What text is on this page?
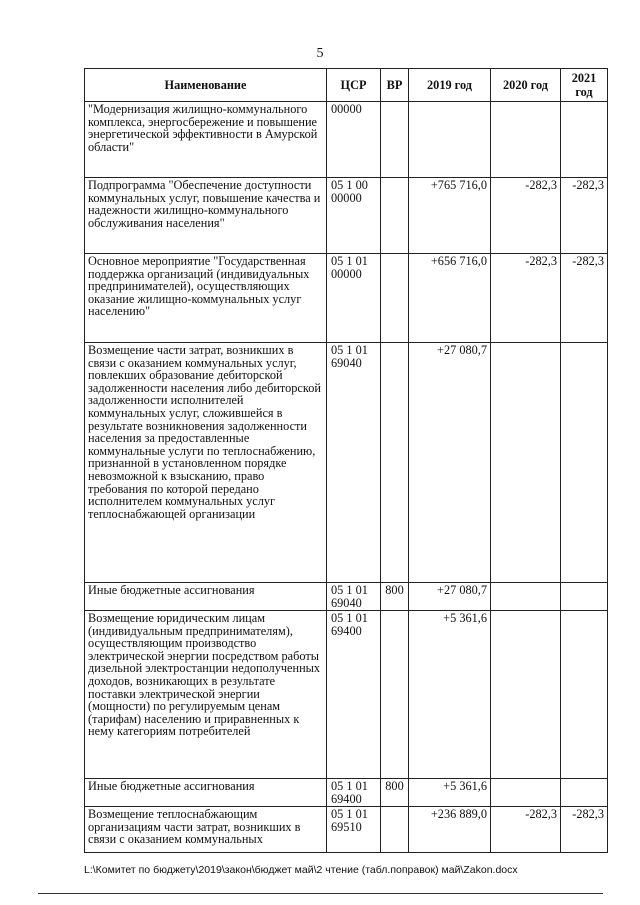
5
Наименование	ЦСР	ВР	2019 год	2020 год	2021 год
"Модернизация жилищно-коммунального комплекса, энергосбережение и повышение энергетической эффективности в Амурской области"	00000				
Подпрограмма "Обеспечение доступности коммунальных услуг, повышение качества и надежности жилищно-коммунального обслуживания населения"	05 1 00 00000		+765 716,0	-282,3	-282,3
Основное мероприятие "Государственная поддержка организаций (индивидуальных предпринимателей), осуществляющих оказание жилищно-коммунальных услуг населению"	05 1 01 00000		+656 716,0	-282,3	-282,3
Возмещение части затрат, возникших в связи с оказанием коммунальных услуг, повлекших образование дебиторской задолженности населения либо дебиторской задолженности исполнителей коммунальных услуг, сложившейся в результате возникновения задолженности населения за предоставленные коммунальные услуги по теплоснабжению, признанной в установленном порядке невозможной к взысканию, право требования по которой передано исполнителем коммунальных услуг теплоснабжающей организации	05 1 01 69040		+27 080,7		
Иные бюджетные ассигнования	05 1 01 69040	800	+27 080,7		
Возмещение юридическим лицам (индивидуальным предпринимателям), осуществляющим производство электрической энергии посредством работы дизельной электростанции недополученных доходов, возникающих в результате поставки электрической энергии (мощности) по регулируемым ценам (тарифам) населению и приравненных к нему категориям потребителей	05 1 01 69400		+5 361,6		
Иные бюджетные ассигнования	05 1 01 69400	800	+5 361,6		
Возмещение теплоснабжающим организациям части затрат, возникших в связи с оказанием коммунальных	05 1 01 69510		+236 889,0	-282,3	-282,3
L:\Комитет по бюджету\2019\закон\бюджет май\2 чтение (табл.поправок) май\Zakon.docx
